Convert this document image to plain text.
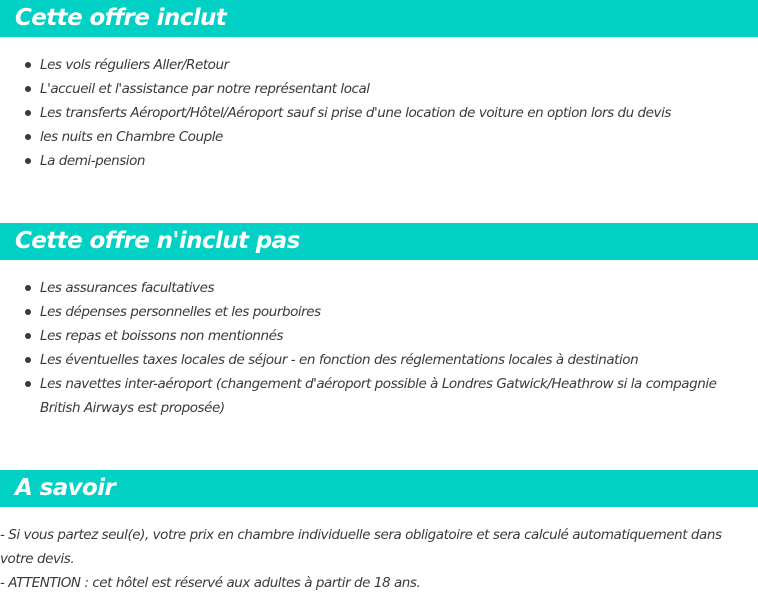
Cette offre inclut
Les vols réguliers Aller/Retour
L'accueil et l'assistance par notre représentant local
Les transferts Aéroport/Hôtel/Aéroport sauf si prise d'une location de voiture en option lors du devis
les nuits en Chambre Couple
La demi-pension
Cette offre n'inclut pas
Les assurances facultatives
Les dépenses personnelles et les pourboires
Les repas et boissons non mentionnés
Les éventuelles taxes locales de séjour - en fonction des réglementations locales à destination
Les navettes inter-aéroport (changement d'aéroport possible à Londres Gatwick/Heathrow si la compagnie British Airways est proposée)
A savoir

- Si vous partez seul(e), votre prix en chambre individuelle sera obligatoire et sera calculé automatiquement dans votre devis.

- ATTENTION : cet hôtel est réservé aux adultes à partir de 18 ans.
